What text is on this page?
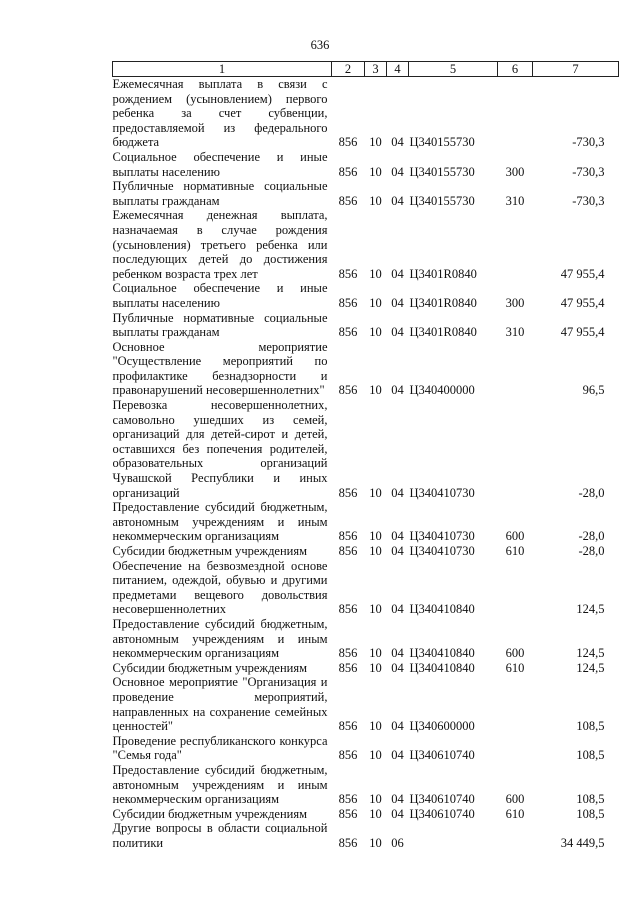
636
1	2	3	4	5	6	7
Ежемесячная выплата в связи с рождением (усыновлением) первого ребенка за счет субвенции, предоставляемой из федерального бюджета	856	10	04	Ц340155730		-730,3
Социальное обеспечение и иные выплаты населению	856	10	04	Ц340155730	300	-730,3
Публичные нормативные социальные выплаты гражданам	856	10	04	Ц340155730	310	-730,3
Ежемесячная денежная выплата, назначаемая в случае рождения (усыновления) третьего ребенка или последующих детей до достижения ребенком возраста трех лет	856	10	04	Ц3401R0840		47 955,4
Социальное обеспечение и иные выплаты населению	856	10	04	Ц3401R0840	300	47 955,4
Публичные нормативные социальные выплаты гражданам	856	10	04	Ц3401R0840	310	47 955,4
Основное мероприятие "Осуществление мероприятий по профилактике безнадзорности и правонарушений несовершеннолетних"	856	10	04	Ц340400000		96,5
Перевозка несовершеннолетних, самовольно ушедших из семей, организаций для детей-сирот и детей, оставшихся без попечения родителей, образовательных организаций Чувашской Республики и иных организаций	856	10	04	Ц340410730		-28,0
Предоставление субсидий бюджетным, автономным учреждениям и иным некоммерческим организациям	856	10	04	Ц340410730	600	-28,0
Субсидии бюджетным учреждениям	856	10	04	Ц340410730	610	-28,0
Обеспечение на безвозмездной основе питанием, одеждой, обувью и другими предметами вещевого довольствия несовершеннолетних	856	10	04	Ц340410840		124,5
Предоставление субсидий бюджетным, автономным учреждениям и иным некоммерческим организациям	856	10	04	Ц340410840	600	124,5
Субсидии бюджетным учреждениям	856	10	04	Ц340410840	610	124,5
Основное мероприятие "Организация и проведение мероприятий, направленных на сохранение семейных ценностей"	856	10	04	Ц340600000		108,5
Проведение республиканского конкурса "Семья года"	856	10	04	Ц340610740		108,5
Предоставление субсидий бюджетным, автономным учреждениям и иным некоммерческим организациям	856	10	04	Ц340610740	600	108,5
Субсидии бюджетным учреждениям	856	10	04	Ц340610740	610	108,5
Другие вопросы в области социальной политики	856	10	06			34 449,5
